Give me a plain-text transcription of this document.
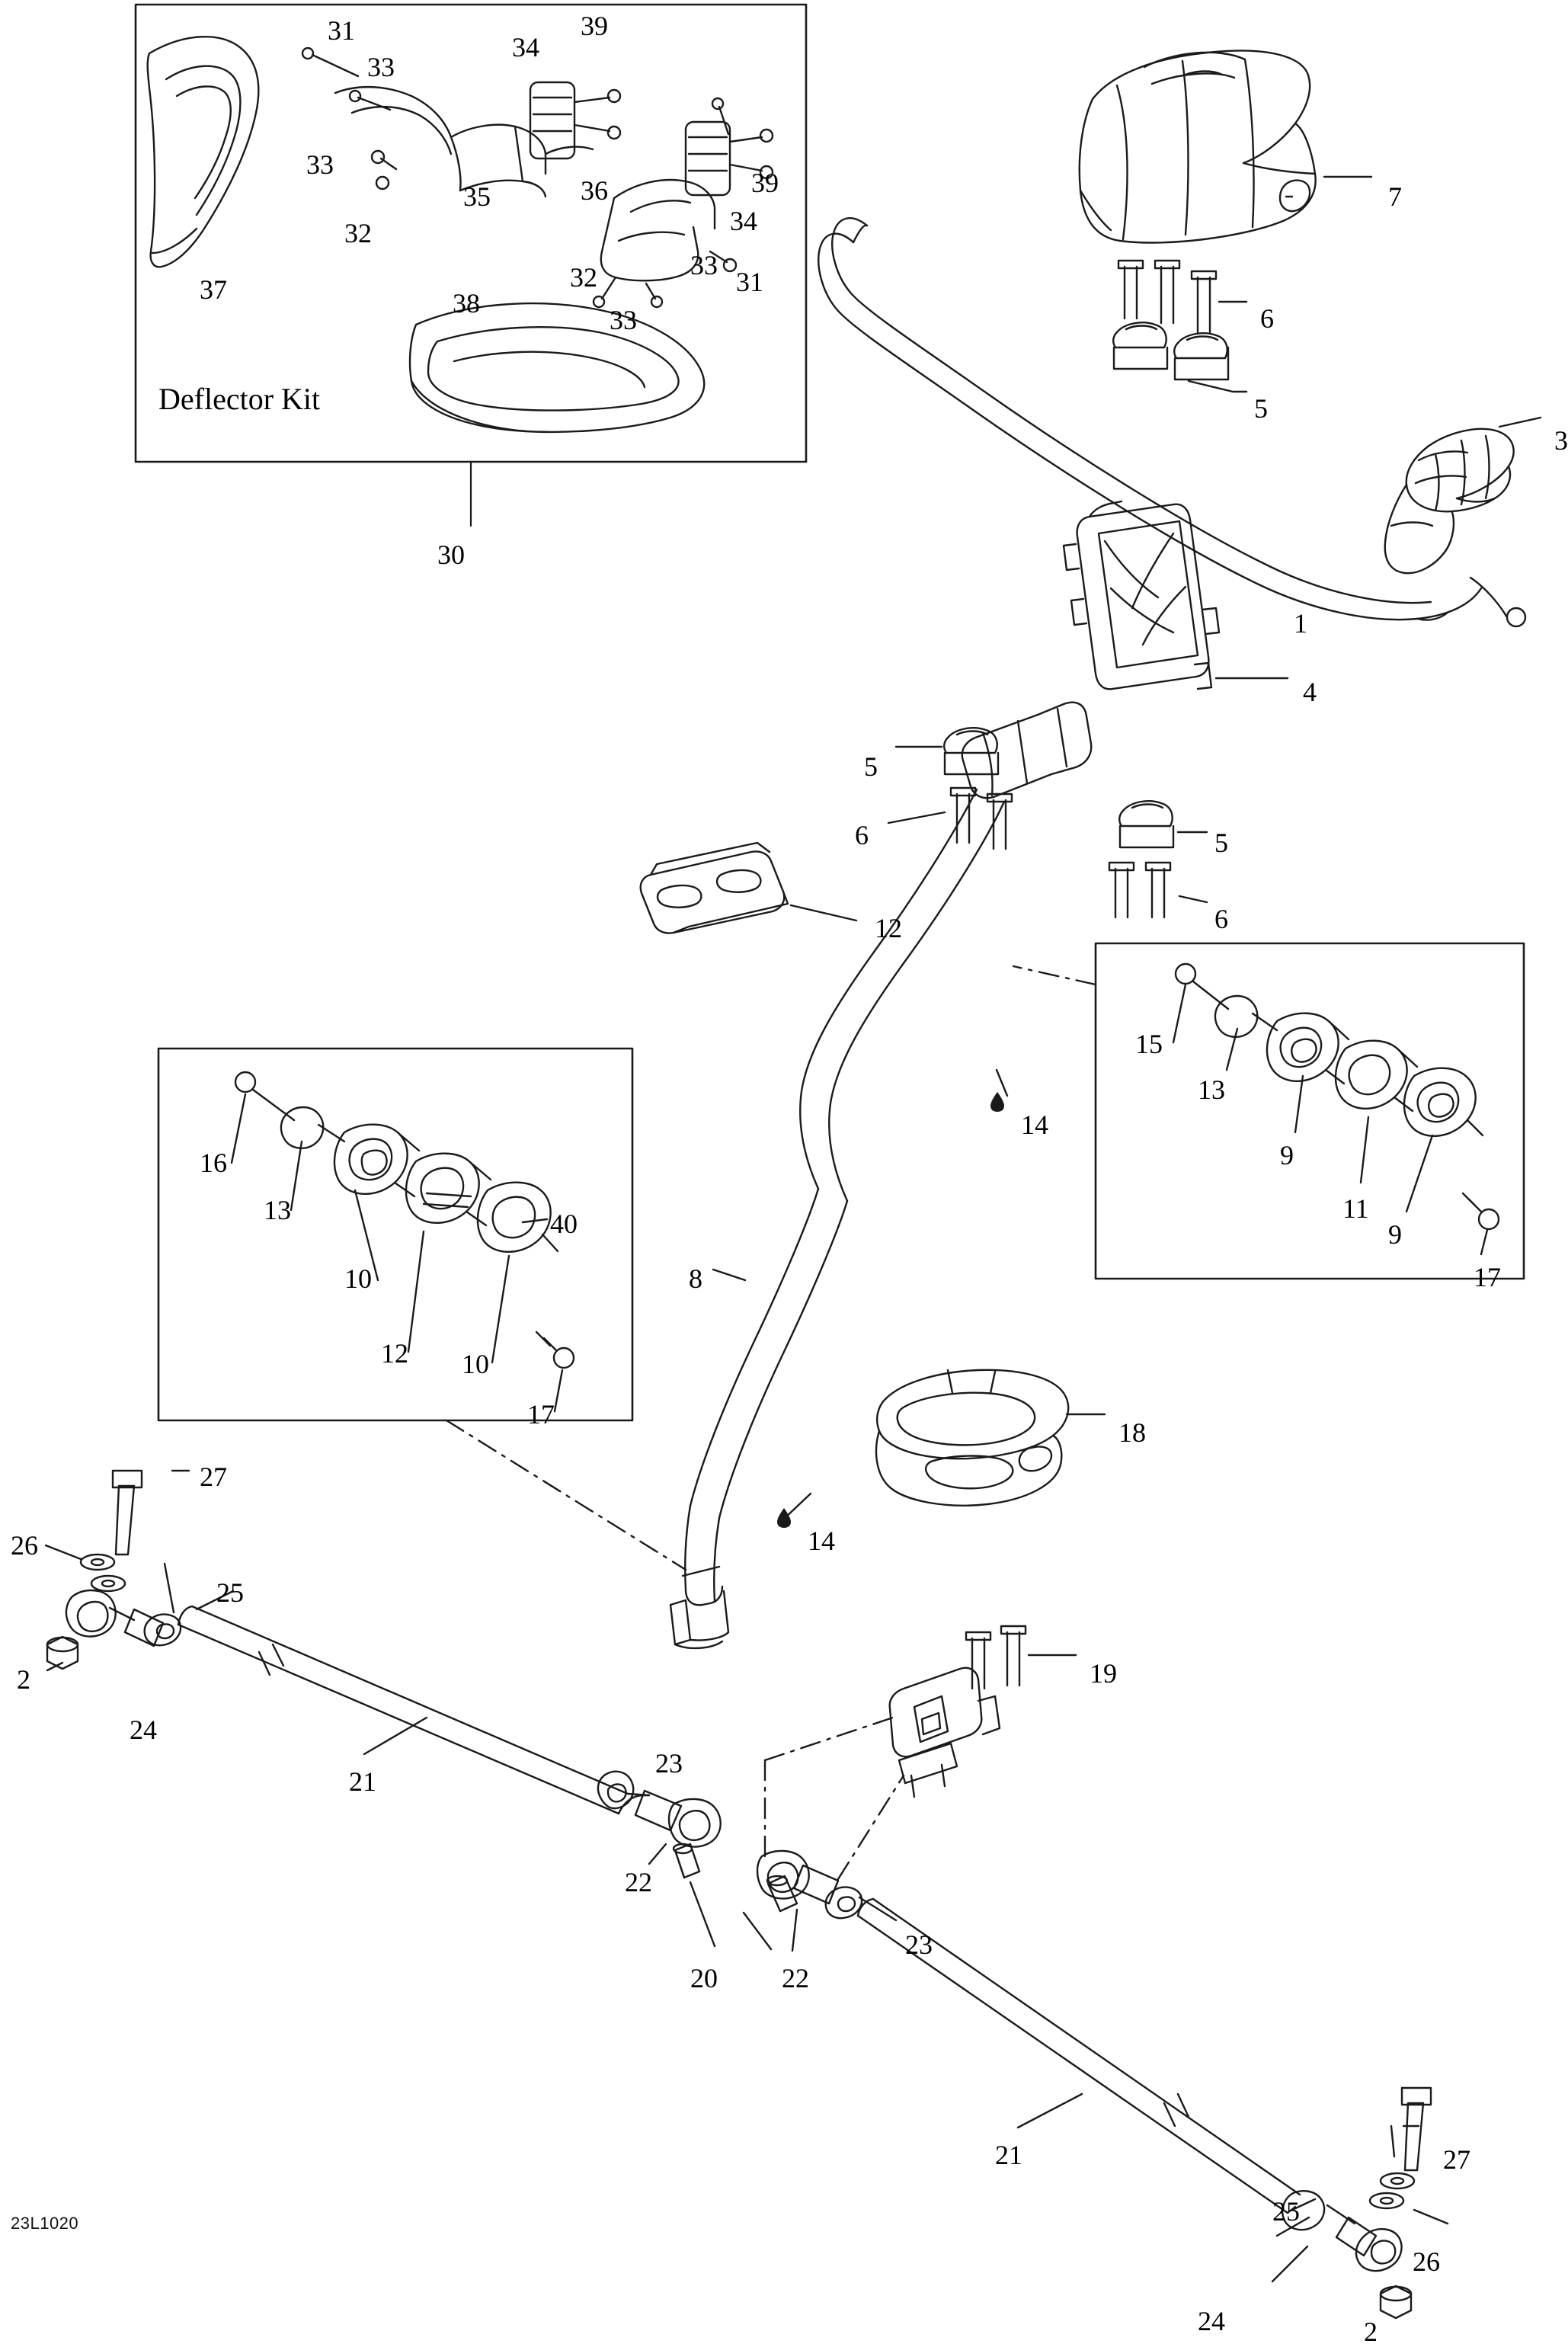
Deflector Kit
31
34
39
33
33
39
36
34
35
32
32	33
31
33
37	38
30
7
6
5
3
1
4
5
6	5
6
12
15
13
9
11
9
17
14
16
13
10
40
12 10
17
8
18
14
27
26
25
2
24
21
23
22
20 22
23
19
21	27
25
26
24	2
23L1020
